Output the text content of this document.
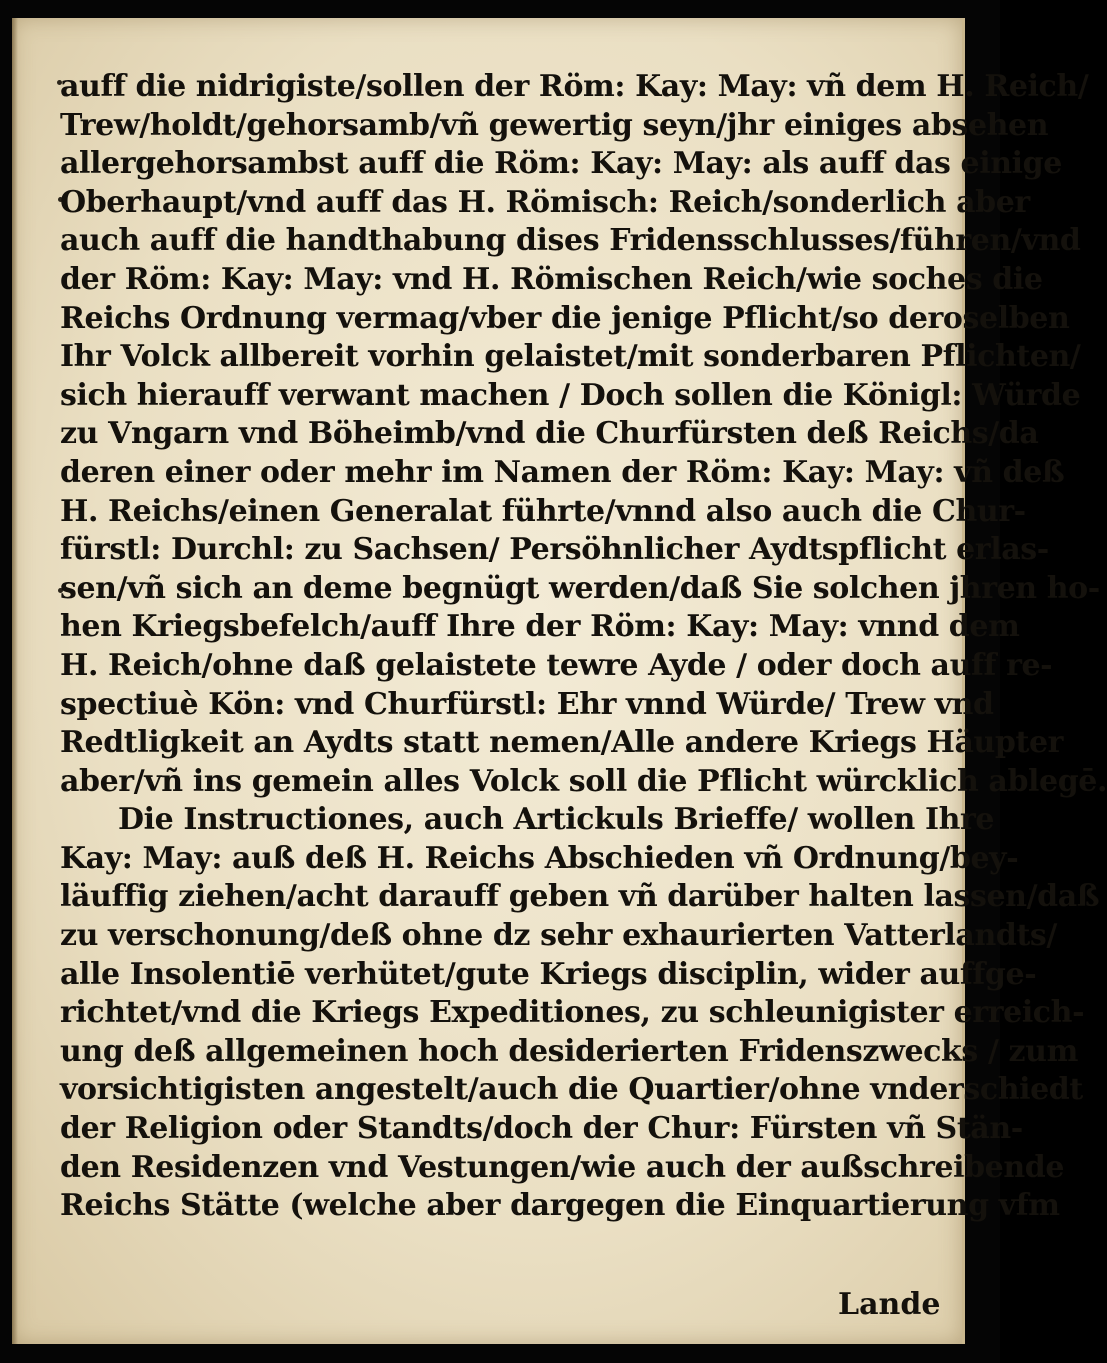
auff die nidrigiste/sollen der Röm: Kay: May: vñ dem H. Reich/
Trew/holdt/gehorsamb/vñ gewertig seyn/jhr einiges absehen
allergehorsambst auff die Röm: Kay: May: als auff das einige
Oberhaupt/vnd auff das H. Römisch: Reich/sonderlich aber
auch auff die handthabung dises Fridensschlusses/führen/vnd
der Röm: Kay: May: vnd H. Römischen Reich/wie soches die
Reichs Ordnung vermag/vber die jenige Pflicht/so deroselben
Ihr Volck allbereit vorhin gelaistet/mit sonderbaren Pflichten/
sich hierauff verwant machen / Doch sollen die Königl: Würde
zu Vngarn vnd Böheimb/vnd die Churfürsten deß Reichs/da
deren einer oder mehr im Namen der Röm: Kay: May: vñ deß
H. Reichs/einen Generalat führte/vnnd also auch die Chur-
fürstl: Durchl: zu Sachsen/ Persöhnlicher Aydtspflicht erlas-
sen/vñ sich an deme begnügt werden/daß Sie solchen jhren ho-
hen Kriegsbefelch/auff Ihre der Röm: Kay: May: vnnd dem
H. Reich/ohne daß gelaistete tewre Ayde / oder doch auff re-
spectiuè Kön: vnd Churfürstl: Ehr vnnd Würde/ Trew vnd
Redtligkeit an Aydts statt nemen/Alle andere Kriegs Häupter
aber/vñ ins gemein alles Volck soll die Pflicht würcklich ablegē.
Die Instructiones, auch Artickuls Brieffe/ wollen Ihre
Kay: May: auß deß H. Reichs Abschieden vñ Ordnung/bey-
läuffig ziehen/acht darauff geben vñ darüber halten lassen/daß
zu verschonung/deß ohne dz sehr exhaurierten Vatterlandts/
alle Insolentiē verhütet/gute Kriegs disciplin, wider auffge-
richtet/vnd die Kriegs Expeditiones, zu schleunigister erreich-
ung deß allgemeinen hoch desiderierten Fridenszwecks / zum
vorsichtigisten angestelt/auch die Quartier/ohne vnderschiedt
der Religion oder Standts/doch der Chur: Fürsten vñ Stän-
den Residenzen vnd Vestungen/wie auch der außschreibende
Reichs Stätte (welche aber dargegen die Einquartierung vfm
Lande
